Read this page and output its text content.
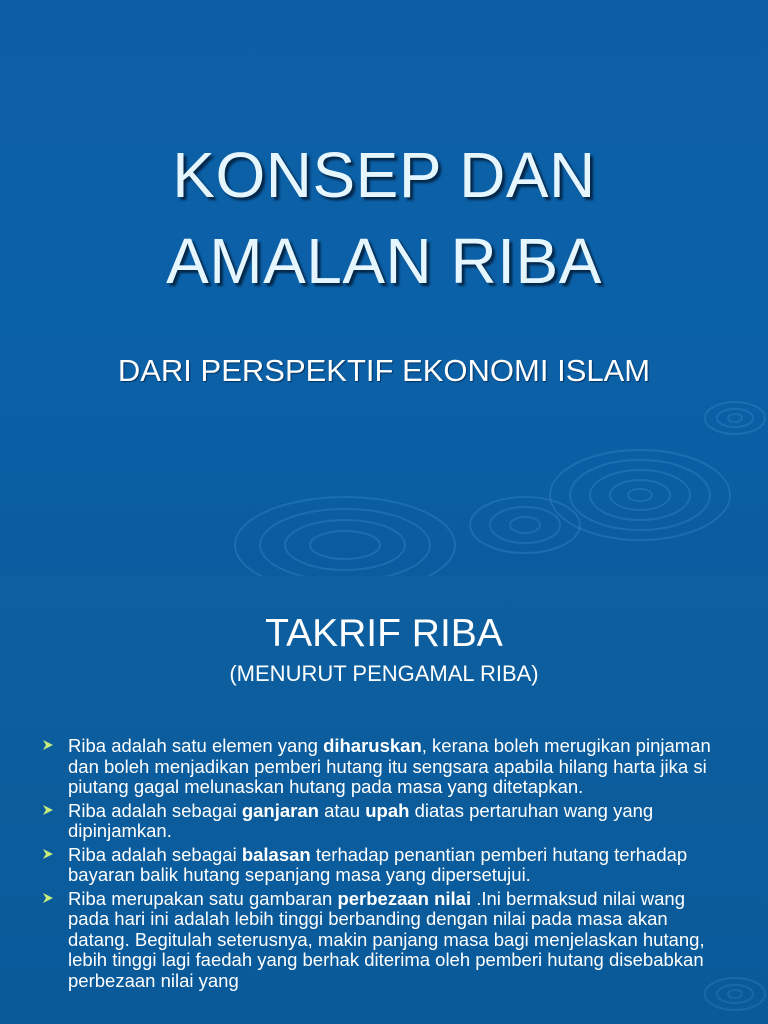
KONSEP DAN
AMALAN RIBA
DARI PERSPEKTIF EKONOMI ISLAM
TAKRIF RIBA
(MENURUT PENGAMAL RIBA)
Riba adalah satu elemen yang diharuskan, kerana boleh merugikan pinjaman dan boleh menjadikan pemberi hutang itu sengsara apabila hilang harta jika si piutang gagal melunaskan hutang pada masa yang ditetapkan.
Riba adalah sebagai ganjaran atau upah diatas pertaruhan wang yang dipinjamkan.
Riba adalah sebagai balasan terhadap penantian pemberi hutang terhadap bayaran balik hutang sepanjang masa yang dipersetujui.
Riba merupakan satu gambaran perbezaan nilai .Ini bermaksud nilai wang pada hari ini adalah lebih tinggi berbanding dengan nilai pada masa akan datang. Begitulah seterusnya, makin panjang masa bagi menjelaskan hutang, lebih tinggi lagi faedah yang berhak diterima oleh pemberi hutang disebabkan perbezaan nilai yang
